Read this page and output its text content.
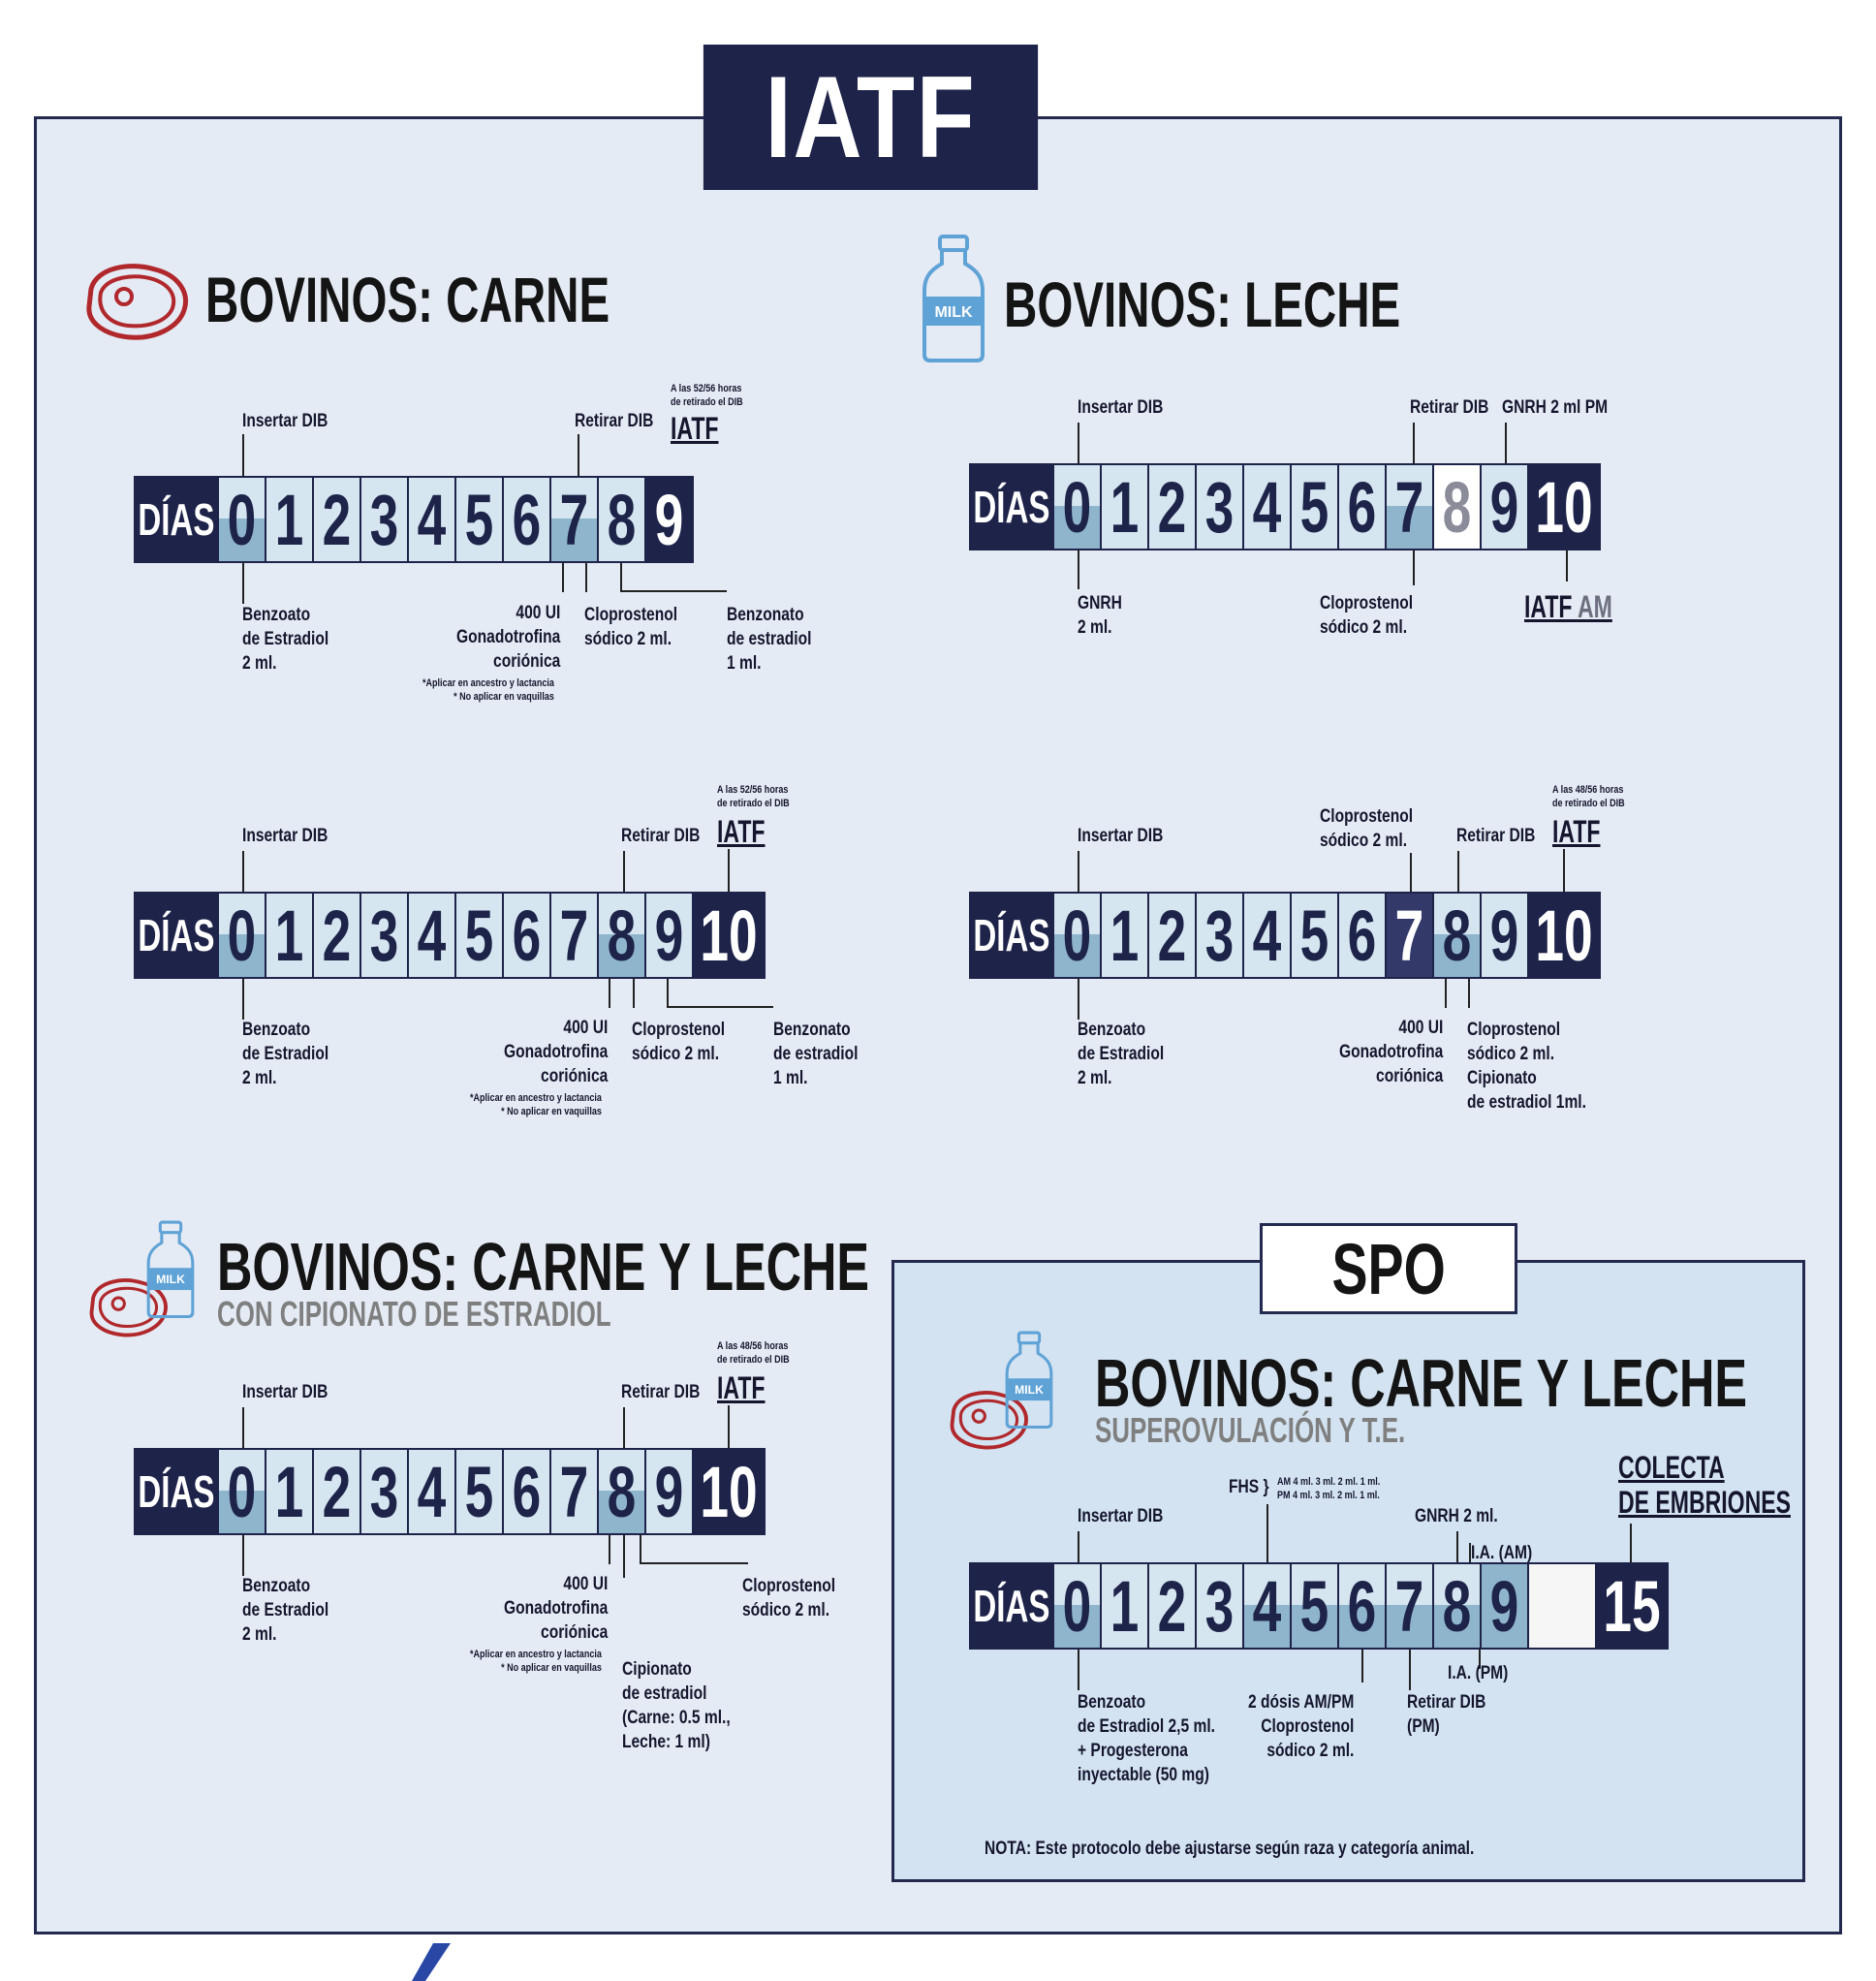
IATF
BOVINOS: CARNE
DÍAS 0 1 2 3 4 5 6 7 8 9
Insertar DIB	Retirar DIB
A las 52/56 horas
de retirado el DIB
IATF
Benzoato
de Estradiol
2 ml.
400 UI
Gonadotrofina
coriónica
*Aplicar en ancestro y lactancia
* No aplicar en vaquillas
Cloprostenol
sódico 2 ml.
Benzonato
de estradiol
1 ml.
MILK BOVINOS: LECHE
DÍAS 0 1 2 3 4 5 6 7 8 9 10
Insertar DIB	Retirar DIB GNRH 2 ml PM
GNRH
2 ml.
Cloprostenol
sódico 2 ml.
IATF AM
DÍAS 0 1 2 3 4 5 6 7 8 9 10
Insertar DIB	Retirar DIB
A las 52/56 horas
de retirado el DIB
IATF
Benzoato
de Estradiol
2 ml.
400 UI
Gonadotrofina
coriónica
*Aplicar en ancestro y lactancia
* No aplicar en vaquillas
Cloprostenol
sódico 2 ml.
Benzonato
de estradiol
1 ml.
DÍAS 0 1 2 3 4 5 6 7 8 9 10
Insertar DIB
Cloprostenol
sódico 2 ml.	Retirar DIB
A las 48/56 horas
de retirado el DIB
IATF
Benzoato
de Estradiol
2 ml.
400 UI
Gonadotrofina
coriónica
Cloprostenol
sódico 2 ml.
Cipionato
de estradiol 1ml.
MILK BOVINOS: CARNE Y LECHE
CON CIPIONATO DE ESTRADIOL
DÍAS 0 1 2 3 4 5 6 7 8 9 10
Insertar DIB	Retirar DIB
A las 48/56 horas
de retirado el DIB
IATF
Benzoato
de Estradiol
2 ml.
400 UI
Gonadotrofina
coriónica
*Aplicar en ancestro y lactancia
* No aplicar en vaquillas Cipionato
de estradiol
(Carne: 0.5 ml.,
Leche: 1 ml)
Cloprostenol
sódico 2 ml.
SPO
MILK BOVINOS: CARNE Y LECHE
SUPEROVULACIÓN Y T.E.
DÍAS 0 1 2 3 4 5 6 7 8 9 15
Insertar DIB
FHS } AM 4 ml. 3 ml. 2 ml. 1 ml.
PM 4 ml. 3 ml. 2 ml. 1 ml.
GNRH 2 ml.
I.A. (AM)
COLECTA
DE EMBRIONES
Benzoato
de Estradiol 2,5 ml.
+ Progesterona
inyectable (50 mg)
2 dósis AM/PM
Cloprostenol
sódico 2 ml.
Retirar DIB
(PM)
I.A. (PM)
NOTA: Este protocolo debe ajustarse según raza y categoría animal.
